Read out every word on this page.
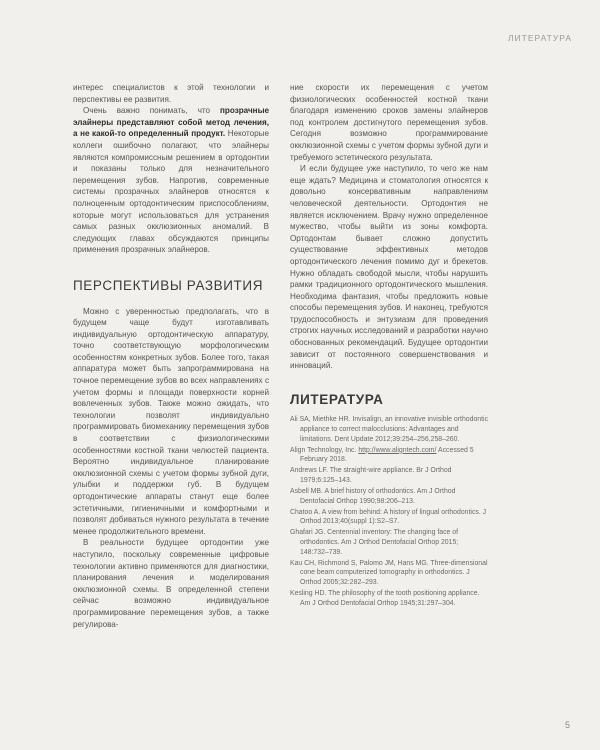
ЛИТЕРАТУРА

интерес специалистов к этой технологии и перспективы ее развития.

Очень важно понимать, что прозрачные элайнеры представляют собой метод лечения, а не какой-то определенный продукт. Некоторые коллеги ошибочно полагают, что элайнеры являются компромиссным решением в ортодонтии и показаны только для незначительного перемещения зубов. Напротив, современные системы прозрачных элайнеров относятся к полноценным ортодонтическим приспособлениям, которые могут использоваться для устранения самых разных окклюзионных аномалий. В следующих главах обсуждаются принципы применения прозрачных элайнеров.

ПЕРСПЕКТИВЫ РАЗВИТИЯ

Можно с уверенностью предполагать, что в будущем чаще будут изготавливать индивидуальную ортодонтическую аппаратуру, точно соответствующую морфологическим особенностям конкретных зубов. Более того, такая аппаратура может быть запрограммирована на точное перемещение зубов во всех направлениях с учетом формы и площади поверхности корней вовлеченных зубов. Также можно ожидать, что технологии позволят индивидуально программировать биомеханику перемещения зубов в соответствии с физиологическими особенностями костной ткани челюстей пациента. Вероятно индивидуальное планирование окклюзионной схемы с учетом формы зубной дуги, улыбки и поддержки губ. В будущем ортодонтические аппараты станут еще более эстетичными, гигиеничными и комфортными и позволят добиваться нужного результата в течение менее продолжительного времени.

В реальности будущее ортодонтии уже наступило, поскольку современные цифровые технологии активно применяются для диагностики, планирования лечения и моделирования окклюзионной схемы. В определенной степени сейчас возможно индивидуальное программирование перемещения зубов, а также регулирова-

ние скорости их перемещения с учетом физиологических особенностей костной ткани благодаря изменению сроков замены элайнеров под контролем достигнутого перемещения зубов. Сегодня возможно программирование окклюзионной схемы с учетом формы зубной дуги и требуемого эстетического результата.

И если будущее уже наступило, то чего же нам еще ждать? Медицина и стоматология относятся к довольно консервативным направлениям человеческой деятельности. Ортодонтия не является исключением. Врачу нужно определенное мужество, чтобы выйти из зоны комфорта. Ортодонтам бывает сложно допустить существование эффективных методов ортодонтического лечения помимо дуг и брекетов. Нужно обладать свободой мысли, чтобы нарушить рамки традиционного ортодонтического мышления. Необходима фантазия, чтобы предложить новые способы перемещения зубов. И наконец, требуются трудоспособность и энтузиазм для проведения строгих научных исследований и разработки научно обоснованных рекомендаций. Будущее ортодонтии зависит от постоянного совершенствования и инноваций.

ЛИТЕРАТУРА

Ali SA, Miethke HR. Invisalign, an innovative invisible orthodontic appliance to correct malocclusions: Advantages and limitations. Dent Update 2012;39:254–256,258–260.

Align Technology, Inc. http://www.aligntech.com/ Accessed 5 February 2018.

Andrews LF. The straight-wire appliance. Br J Orthod 1979;6:125–143.

Asbell MB. A brief history of orthodontics. Am J Orthod Dentofacial Orthop 1990;98:206–213.

Chatoo A. A view from behind: A history of lingual orthodontics. J Orthod 2013;40(suppl 1):S2–S7.

Ghafari JG. Centennial inventory: The changing face of orthodontics. Am J Orthod Dentofacial Orthop 2015; 148:732–739.

Kau CH, Richmond S, Palomo JM, Hans MG. Three-dimensional cone beam computerized tomography in orthodontics. J Orthod 2005;32:282–293.

Kesling HD. The philosophy of the tooth positioning appliance. Am J Orthod Dentofacial Orthop 1945;31:297–304.

5
